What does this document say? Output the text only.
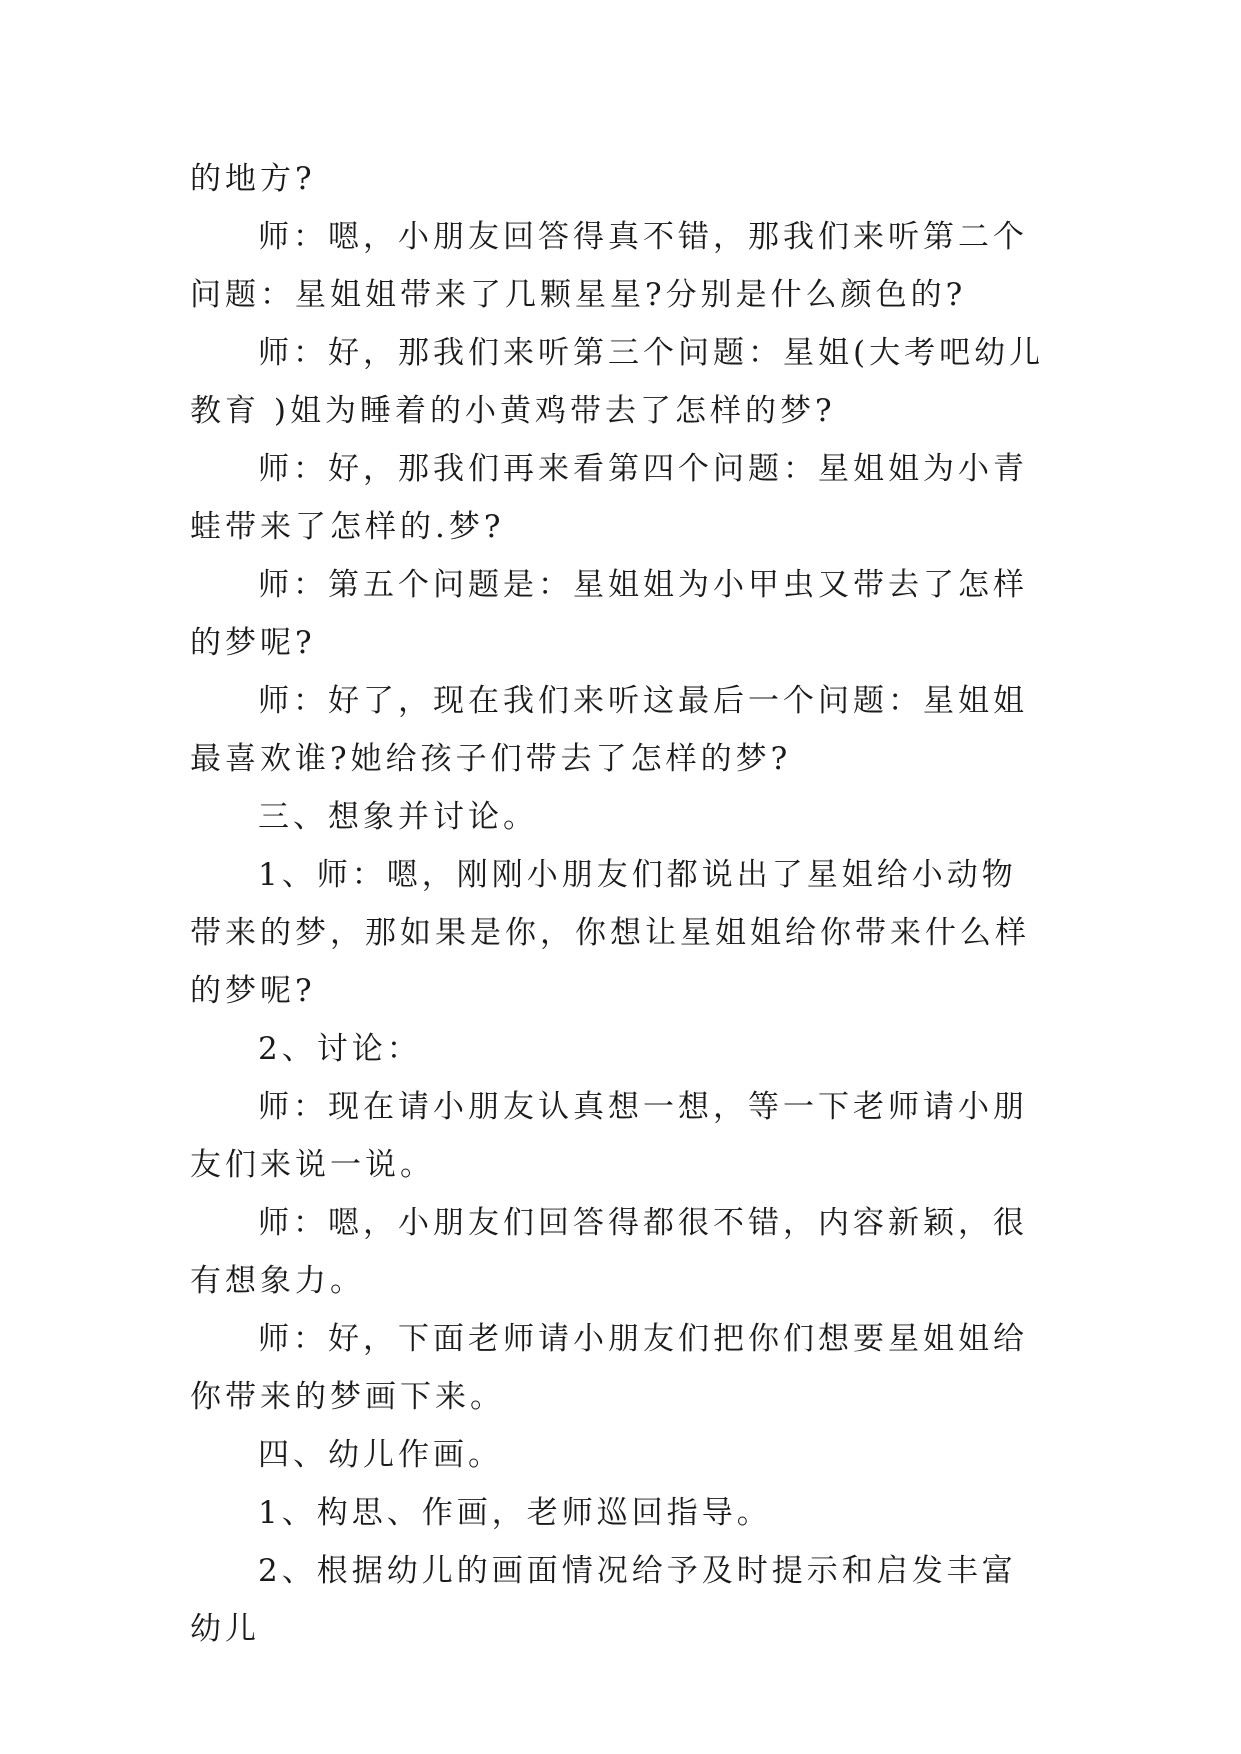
的地方?

师：嗯，小朋友回答得真不错，那我们来听第二个问题：星姐姐带来了几颗星星?分别是什么颜色的?

师：好，那我们来听第三个问题：星姐(大考吧幼儿教育 )姐为睡着的小黄鸡带去了怎样的梦?

师：好，那我们再来看第四个问题：星姐姐为小青蛙带来了怎样的.梦?

师：第五个问题是：星姐姐为小甲虫又带去了怎样的梦呢?

师：好了，现在我们来听这最后一个问题：星姐姐最喜欢谁?她给孩子们带去了怎样的梦?

三、想象并讨论。

1、师：嗯，刚刚小朋友们都说出了星姐给小动物带来的梦，那如果是你，你想让星姐姐给你带来什么样的梦呢?

2、讨论：

师：现在请小朋友认真想一想，等一下老师请小朋友们来说一说。

师：嗯，小朋友们回答得都很不错，内容新颖，很有想象力。

师：好，下面老师请小朋友们把你们想要星姐姐给你带来的梦画下来。

四、幼儿作画。

1、构思、作画，老师巡回指导。

2、根据幼儿的画面情况给予及时提示和启发丰富幼儿
